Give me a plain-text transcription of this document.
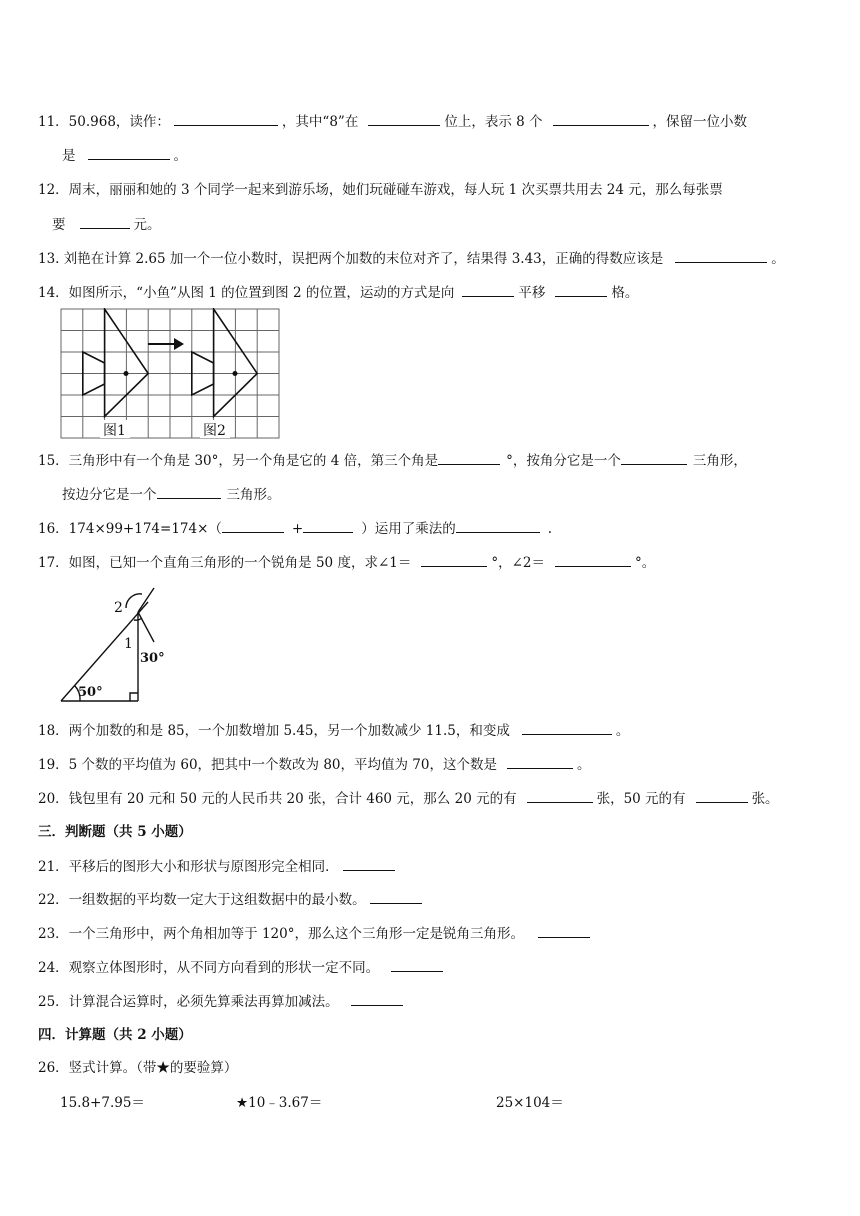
11．50.968，读作：	，其中“8”在	位上，表示 8 个	，保留一位小数
是	。
12．周末，丽丽和她的 3 个同学一起来到游乐场，她们玩碰碰车游戏，每人玩 1 次买票共用去 24 元，那么每张票
要	元。
13. 刘艳在计算 2.65 加一个一位小数时，误把两个加数的末位对齐了，结果得 3.43，正确的得数应该是	。
14．如图所示，“小鱼”从图 1 的位置到图 2 的位置，运动的方式是向	平移	格。
图1	图2
15．三角形中有一个角是 30°，另一个角是它的 4 倍，第三个角是	°，按角分它是一个	三角形，
按边分它是一个	三角形。
16．174×99+174=174×（	+	）运用了乘法的	.
17．如图，已知一个直角三角形的一个锐角是 50 度，求∠1＝	°，∠2＝	°。
2
1
30°
50°
18．两个加数的和是 85，一个加数增加 5.45，另一个加数减少 11.5，和变成	。
19．5 个数的平均值为 60，把其中一个数改为 80，平均值为 70，这个数是	。
20．钱包里有 20 元和 50 元的人民币共 20 张，合计 460 元，那么 20 元的有	张，50 元的有	张。
三．判断题（共 5 小题）
21．平移后的图形大小和形状与原图形完全相同．
22．一组数据的平均数一定大于这组数据中的最小数。
23．一个三角形中，两个角相加等于 120°，那么这个三角形一定是锐角三角形。
24．观察立体图形时，从不同方向看到的形状一定不同。
25．计算混合运算时，必须先算乘法再算加减法。
四．计算题（共 2 小题）
26．竖式计算。（带★的要验算）
15.8+7.95＝	★10﹣3.67＝	25×104＝
